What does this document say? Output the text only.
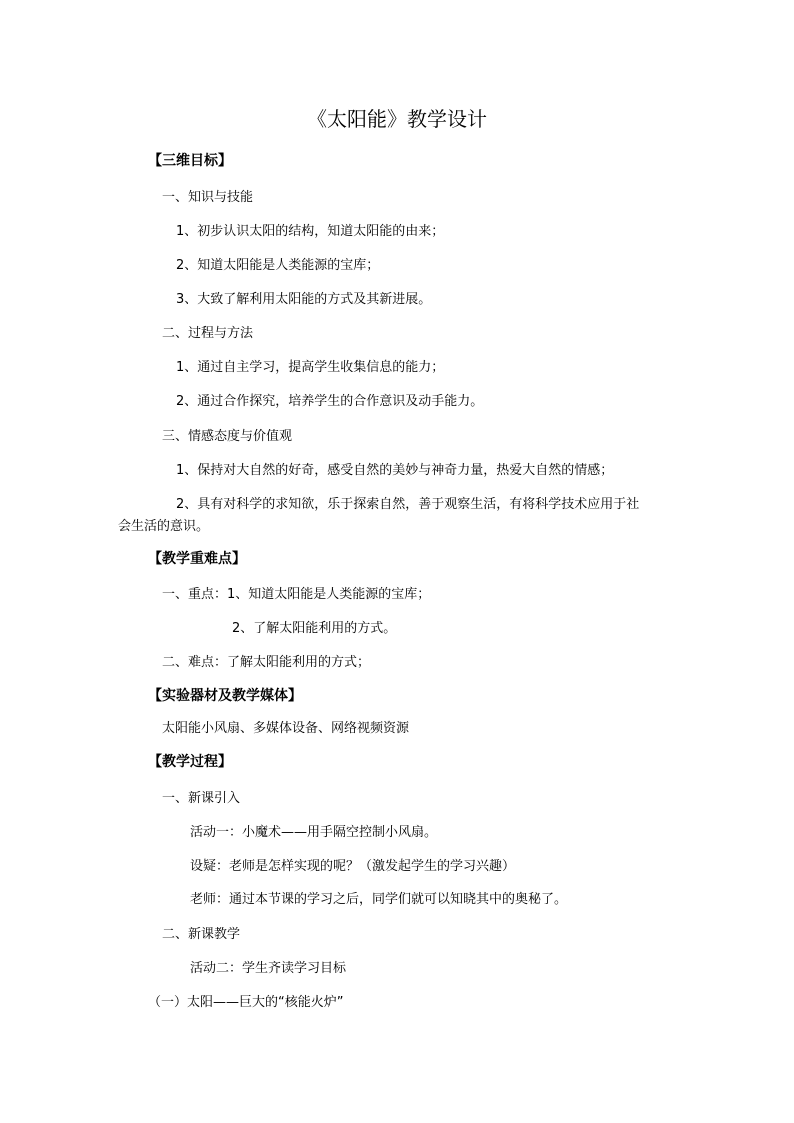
《太阳能》教学设计
【三维目标】
一、知识与技能
1、初步认识太阳的结构，知道太阳能的由来；
2、知道太阳能是人类能源的宝库；
3、大致了解利用太阳能的方式及其新进展。
二、过程与方法
1、通过自主学习，提高学生收集信息的能力；
2、通过合作探究，培养学生的合作意识及动手能力。
三、情感态度与价值观
1、保持对大自然的好奇，感受自然的美妙与神奇力量，热爱大自然的情感；
2、具有对科学的求知欲，乐于探索自然，善于观察生活，有将科学技术应用于社
会生活的意识。
【教学重难点】
一、重点：1、知道太阳能是人类能源的宝库；
2、了解太阳能利用的方式。
二、难点：了解太阳能利用的方式；
【实验器材及教学媒体】
太阳能小风扇、多媒体设备、网络视频资源
【教学过程】
一、新课引入
活动一：小魔术——用手隔空控制小风扇。
设疑：老师是怎样实现的呢？（激发起学生的学习兴趣）
老师：通过本节课的学习之后，同学们就可以知晓其中的奥秘了。
二、新课教学
活动二：学生齐读学习目标
（一）太阳——巨大的“核能火炉”
